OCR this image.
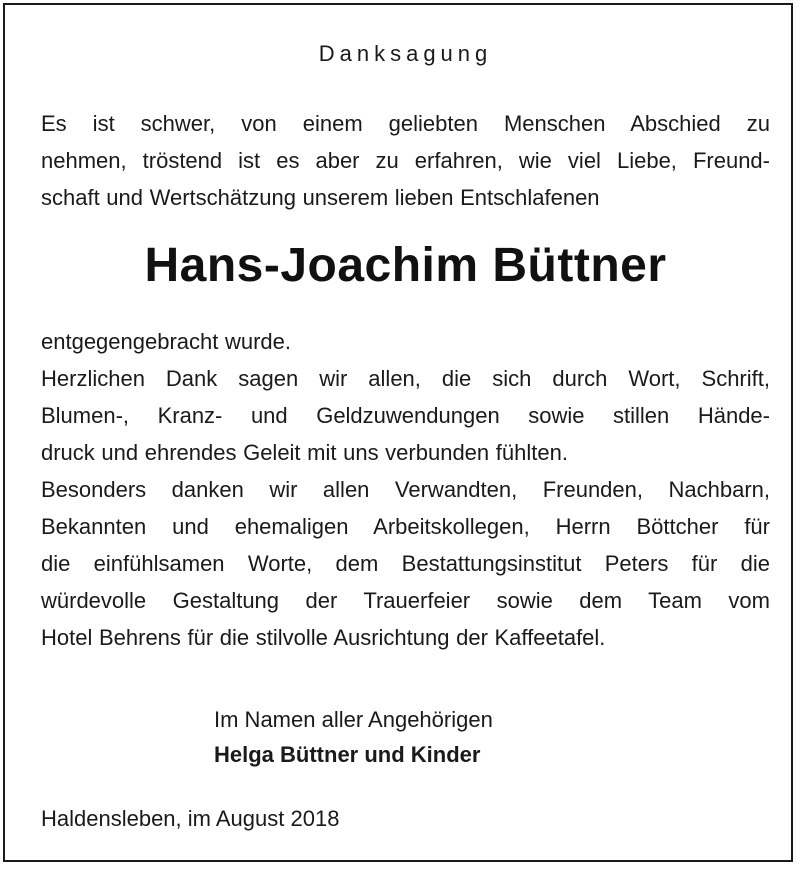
Danksagung
Es ist schwer, von einem geliebten Menschen Abschied zu
nehmen, tröstend ist es aber zu erfahren, wie viel Liebe, Freund-
schaft und Wertschätzung unserem lieben Entschlafenen
Hans-Joachim Büttner
entgegengebracht wurde.
Herzlichen Dank sagen wir allen, die sich durch Wort, Schrift,
Blumen-, Kranz- und Geldzuwendungen sowie stillen Hände-
druck und ehrendes Geleit mit uns verbunden fühlten.
Besonders danken wir allen Verwandten, Freunden, Nachbarn,
Bekannten und ehemaligen Arbeitskollegen, Herrn Böttcher für
die einfühlsamen Worte, dem Bestattungsinstitut Peters für die
würdevolle Gestaltung der Trauerfeier sowie dem Team vom
Hotel Behrens für die stilvolle Ausrichtung der Kaffeetafel.
Im Namen aller Angehörigen
Helga Büttner und Kinder
Haldensleben, im August 2018
